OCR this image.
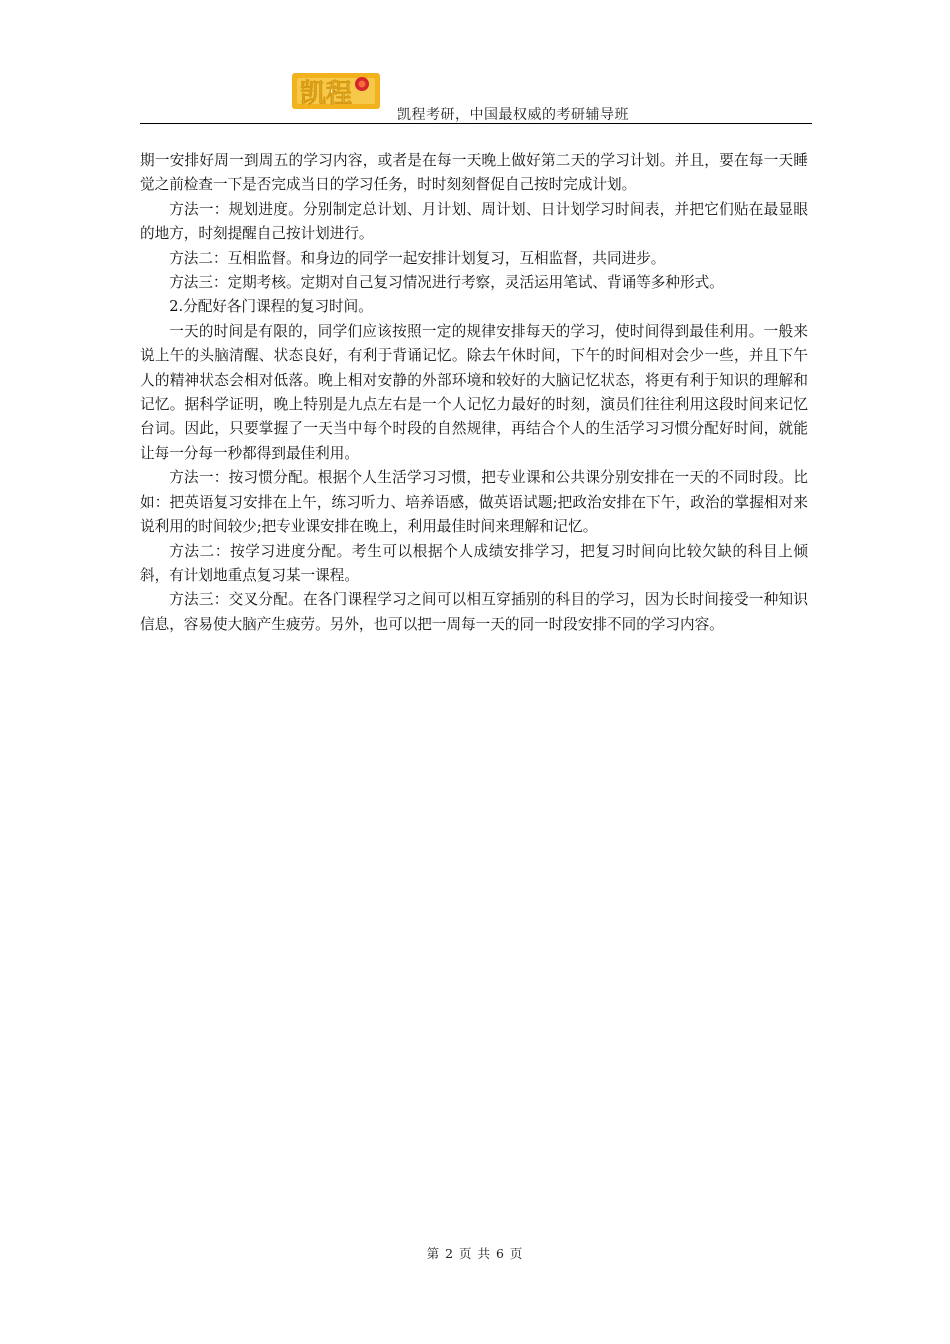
凯程
凯程考研，中国最权威的考研辅导班

期一安排好周一到周五的学习内容，或者是在每一天晚上做好第二天的学习计划。并且，要在每一天睡觉之前检查一下是否完成当日的学习任务，时时刻刻督促自己按时完成计划。

方法一：规划进度。分别制定总计划、月计划、周计划、日计划学习时间表，并把它们贴在最显眼的地方，时刻提醒自己按计划进行。

方法二：互相监督。和身边的同学一起安排计划复习，互相监督，共同进步。

方法三：定期考核。定期对自己复习情况进行考察，灵活运用笔试、背诵等多种形式。

2.分配好各门课程的复习时间。

一天的时间是有限的，同学们应该按照一定的规律安排每天的学习，使时间得到最佳利用。一般来说上午的头脑清醒、状态良好，有利于背诵记忆。除去午休时间，下午的时间相对会少一些，并且下午人的精神状态会相对低落。晚上相对安静的外部环境和较好的大脑记忆状态，将更有利于知识的理解和记忆。据科学证明，晚上特别是九点左右是一个人记忆力最好的时刻，演员们往往利用这段时间来记忆台词。因此，只要掌握了一天当中每个时段的自然规律，再结合个人的生活学习习惯分配好时间，就能让每一分每一秒都得到最佳利用。

方法一：按习惯分配。根据个人生活学习习惯，把专业课和公共课分别安排在一天的不同时段。比如：把英语复习安排在上午，练习听力、培养语感，做英语试题;把政治安排在下午，政治的掌握相对来说利用的时间较少;把专业课安排在晚上，利用最佳时间来理解和记忆。

方法二：按学习进度分配。考生可以根据个人成绩安排学习，把复习时间向比较欠缺的科目上倾斜，有计划地重点复习某一课程。

方法三：交叉分配。在各门课程学习之间可以相互穿插别的科目的学习，因为长时间接受一种知识信息，容易使大脑产生疲劳。另外，也可以把一周每一天的同一时段安排不同的学习内容。

第 2 页 共 6 页
